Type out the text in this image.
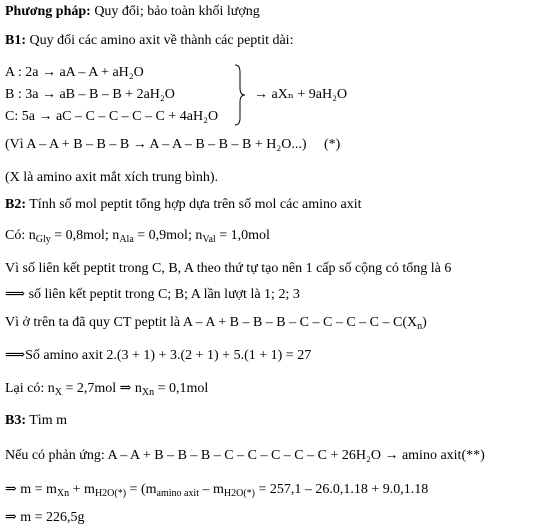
Phương pháp: Quy đổi; bảo toàn khối lượng
B1: Quy đổi các amino axit về thành các peptit dài:
A : 2a → aA – A + aH₂O
B : 3a → aB – B – B + 2aH₂O
C: 5a → aC – C – C – C – C + 4aH₂O
→ aXₙ + 9aH₂O
(Vì A – A + B – B – B → A – A – B – B – B + H₂O...) (*)
(X là amino axit mắt xích trung bình).
B2: Tính số mol peptit tổng hợp dựa trên số mol các amino axit
Có: $n_{Gly} = 0,8mol$; $n_{Ala} = 0,9mol$; $n_{Val} = 1,0mol$
Vì số liên kết peptit trong C, B, A theo thứ tự tạo nên 1 cấp số cộng có tổng là 6
⟹ số liên kết peptit trong C; B; A lần lượt là 1; 2; 3
Vì ở trên ta đã quy CT peptit là $A - A + B - B - B - C - C - C - C - C(X_n)$
⟹Số amino axit 2.(3 + 1) + 3.(2 + 1) + 5.(1 + 1) = 27
Lại có: $n_X = 2,7mol$ ⇒ $n_{Xn} = 0,1mol$
B3: Tìm m
Nếu có phản ứng: A – A + B – B – B – C – C – C – C – C + 26H₂O → amino axit(**)
⇒ $m = m_{Xn} + m_{H2O(*)} = (m_{amino axit} - m_{H2O(*)} = 257,1 - 26.0,1.18 + 9.0,1.18$
⇒ m = 226,5g
